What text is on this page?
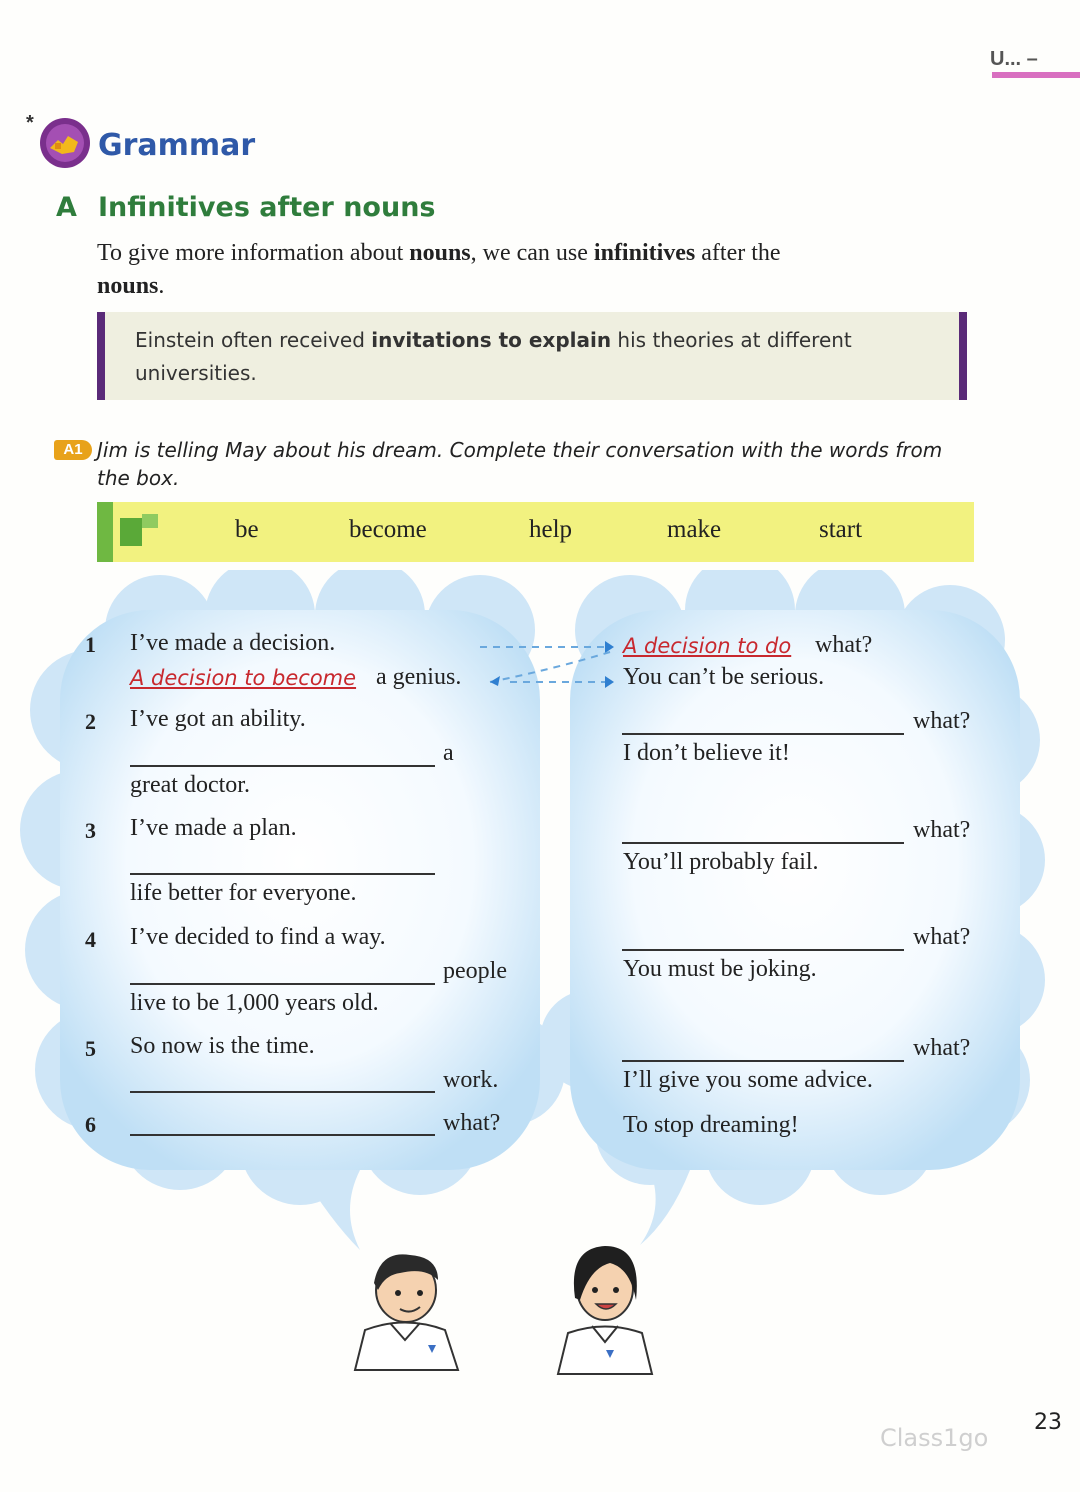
U... –
*
Grammar
A Infinitives after nouns
To give more information about nouns, we can use infinitives after the
nouns.
Einstein often received invitations to explain his theories at different universities.
A1 Jim is telling May about his dream. Complete their conversation with the words from the box.
be	become	help	make	start
1 I’ve made a decision.
A decision to become a genius.
2 I’ve got an ability.
a
great doctor.
3 I’ve made a plan.
life better for everyone.
4 I’ve decided to find a way.
people
live to be 1,000 years old.
5 So now is the time.
work.
6	what?
A decision to do what?
You can’t be serious.
what?
I don’t believe it!
what?
You’ll probably fail.
what?
You must be joking.
what?
I’ll give you some advice.
To stop dreaming!
23
Class1go
